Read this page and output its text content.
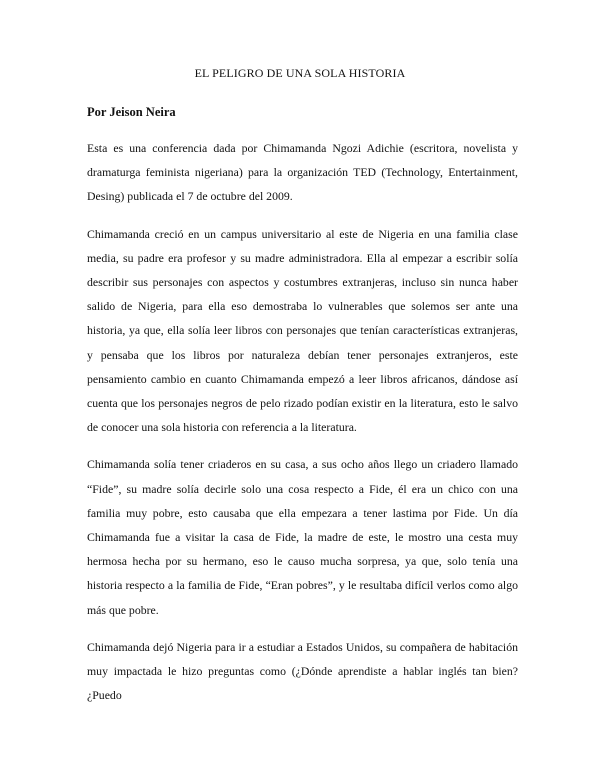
EL PELIGRO DE UNA SOLA HISTORIA
Por Jeison Neira

Esta es una conferencia dada por Chimamanda Ngozi Adichie (escritora, novelista y dramaturga feminista nigeriana) para la organización TED (Technology, Entertainment, Desing) publicada el 7 de octubre del 2009.

Chimamanda creció en un campus universitario al este de Nigeria en una familia clase media, su padre era profesor y su madre administradora. Ella al empezar a escribir solía describir sus personajes con aspectos y costumbres extranjeras, incluso sin nunca haber salido de Nigeria, para ella eso demostraba lo vulnerables que solemos ser ante una historia, ya que, ella solía leer libros con personajes que tenían características extranjeras, y pensaba que los libros por naturaleza debían tener personajes extranjeros, este pensamiento cambio en cuanto Chimamanda empezó a leer libros africanos, dándose así cuenta que los personajes negros de pelo rizado podían existir en la literatura, esto le salvo de conocer una sola historia con referencia a la literatura.

Chimamanda solía tener criaderos en su casa, a sus ocho años llego un criadero llamado “Fide”, su madre solía decirle solo una cosa respecto a Fide, él era un chico con una familia muy pobre, esto causaba que ella empezara a tener lastima por Fide. Un día Chimamanda fue a visitar la casa de Fide, la madre de este, le mostro una cesta muy hermosa hecha por su hermano, eso le causo mucha sorpresa, ya que, solo tenía una historia respecto a la familia de Fide, “Eran pobres”, y le resultaba difícil verlos como algo más que pobre.

Chimamanda dejó Nigeria para ir a estudiar a Estados Unidos, su compañera de habitación muy impactada le hizo preguntas como (¿Dónde aprendiste a hablar inglés tan bien? ¿Puedo
